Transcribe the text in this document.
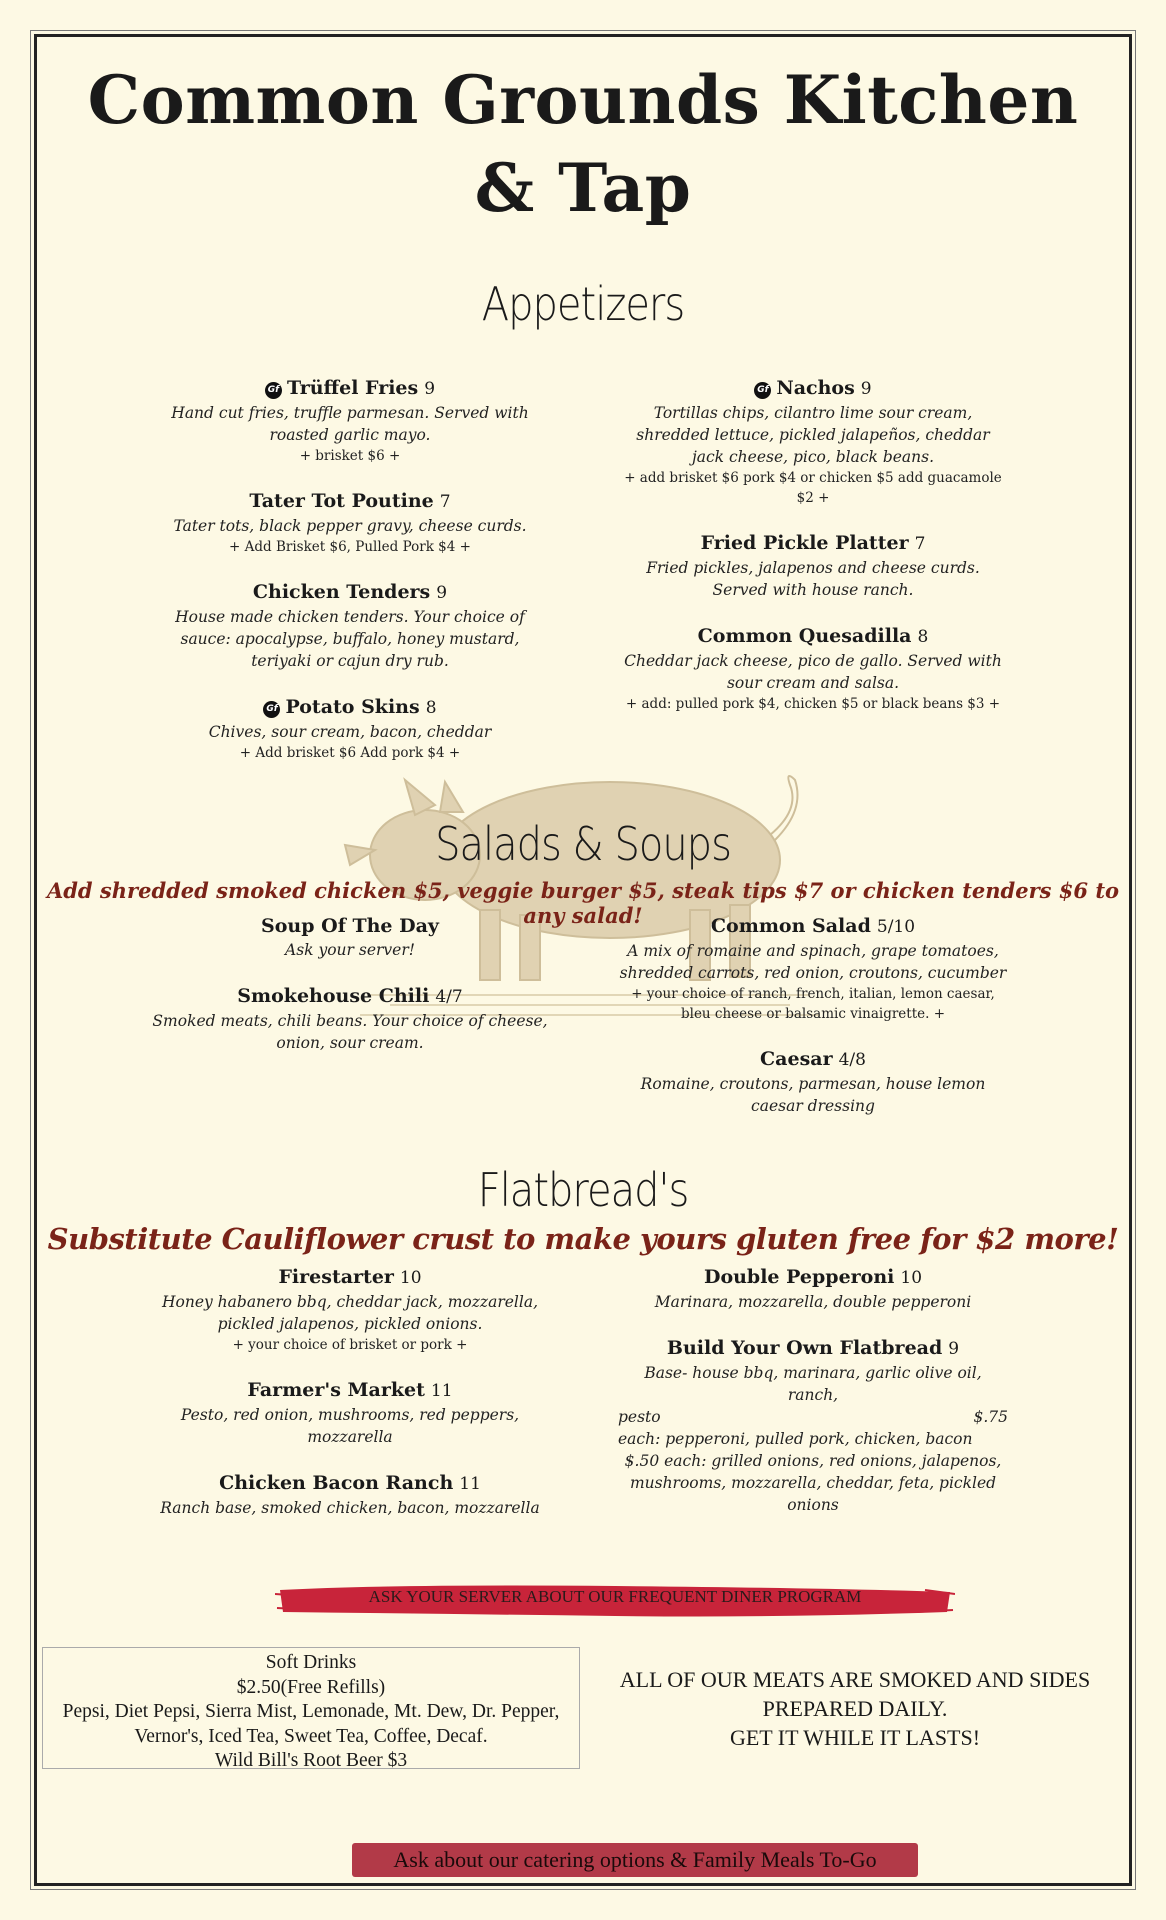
Common Grounds Kitchen
& Tap
Appetizers
Gf Trüffel Fries 9
Hand cut fries, truffle parmesan. Served with roasted garlic mayo.
+ brisket $6 +
Tater Tot Poutine 7
Tater tots, black pepper gravy, cheese curds.
+ Add Brisket $6, Pulled Pork $4 +
Chicken Tenders 9
House made chicken tenders. Your choice of sauce: apocalypse, buffalo, honey mustard, teriyaki or cajun dry rub.
Gf Potato Skins 8
Chives, sour cream, bacon, cheddar
+ Add brisket $6 Add pork $4 +
Gf Nachos 9
Tortillas chips, cilantro lime sour cream, shredded lettuce, pickled jalapeños, cheddar jack cheese, pico, black beans.
+ add brisket $6 pork $4 or chicken $5 add guacamole $2 +
Fried Pickle Platter 7
Fried pickles, jalapenos and cheese curds. Served with house ranch.
Common Quesadilla 8
Cheddar jack cheese, pico de gallo. Served with sour cream and salsa.
+ add: pulled pork $4, chicken $5 or black beans $3 +
Salads & Soups
Add shredded smoked chicken $5, veggie burger $5, steak tips $7 or chicken tenders $6 to any salad!
Soup Of The Day
Ask your server!
Smokehouse Chili 4/7
Smoked meats, chili beans. Your choice of cheese, onion, sour cream.
Common Salad 5/10
A mix of romaine and spinach, grape tomatoes, shredded carrots, red onion, croutons, cucumber
+ your choice of ranch, french, italian, lemon caesar, bleu cheese or balsamic vinaigrette. +
Caesar 4/8
Romaine, croutons, parmesan, house lemon caesar dressing
Flatbread's
Substitute Cauliflower crust to make yours gluten free for $2 more!
Firestarter 10
Honey habanero bbq, cheddar jack, mozzarella, pickled jalapenos, pickled onions.
+ your choice of brisket or pork +
Farmer's Market 11
Pesto, red onion, mushrooms, red peppers, mozzarella
Chicken Bacon Ranch 11
Ranch base, smoked chicken, bacon, mozzarella
Double Pepperoni 10
Marinara, mozzarella, double pepperoni
Build Your Own Flatbread 9
Base- house bbq, marinara, garlic olive oil, ranch,
pesto	$.75
each: pepperoni, pulled pork, chicken, bacon
$.50 each: grilled onions, red onions, jalapenos,
mushrooms, mozzarella, cheddar, feta, pickled onions
ASK YOUR SERVER ABOUT OUR FREQUENT DINER PROGRAM
Soft Drinks
$2.50(Free Refills)
Pepsi, Diet Pepsi, Sierra Mist, Lemonade, Mt. Dew, Dr. Pepper,
Vernor's, Iced Tea, Sweet Tea, Coffee, Decaf.
Wild Bill's Root Beer $3
ALL OF OUR MEATS ARE SMOKED AND SIDES
PREPARED DAILY.
GET IT WHILE IT LASTS!
Ask about our catering options & Family Meals To-Go
